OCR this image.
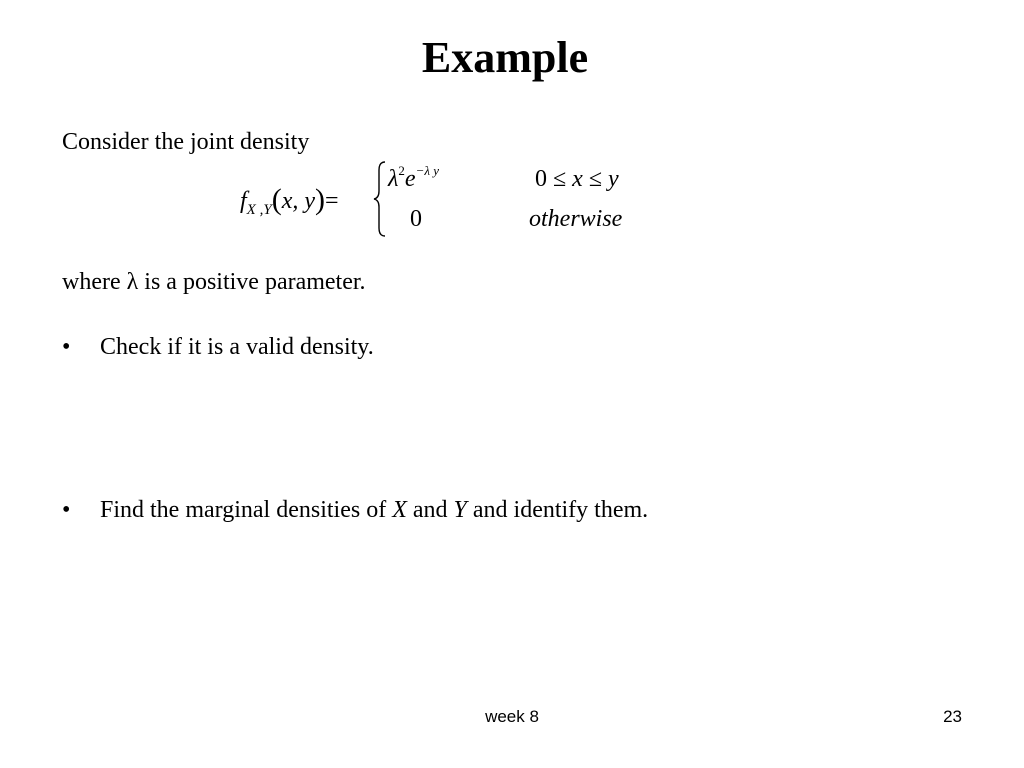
Example
Consider the joint density
$f_{X ,Y}(x$, y)=
$\lambda^2e^{-\lambda y}$	0 ≤ x ≤ y
0	otherwise
where λ is a positive parameter.
• Check if it is a valid density.
• Find the marginal densities of X and Y and identify them.
week 8	23
